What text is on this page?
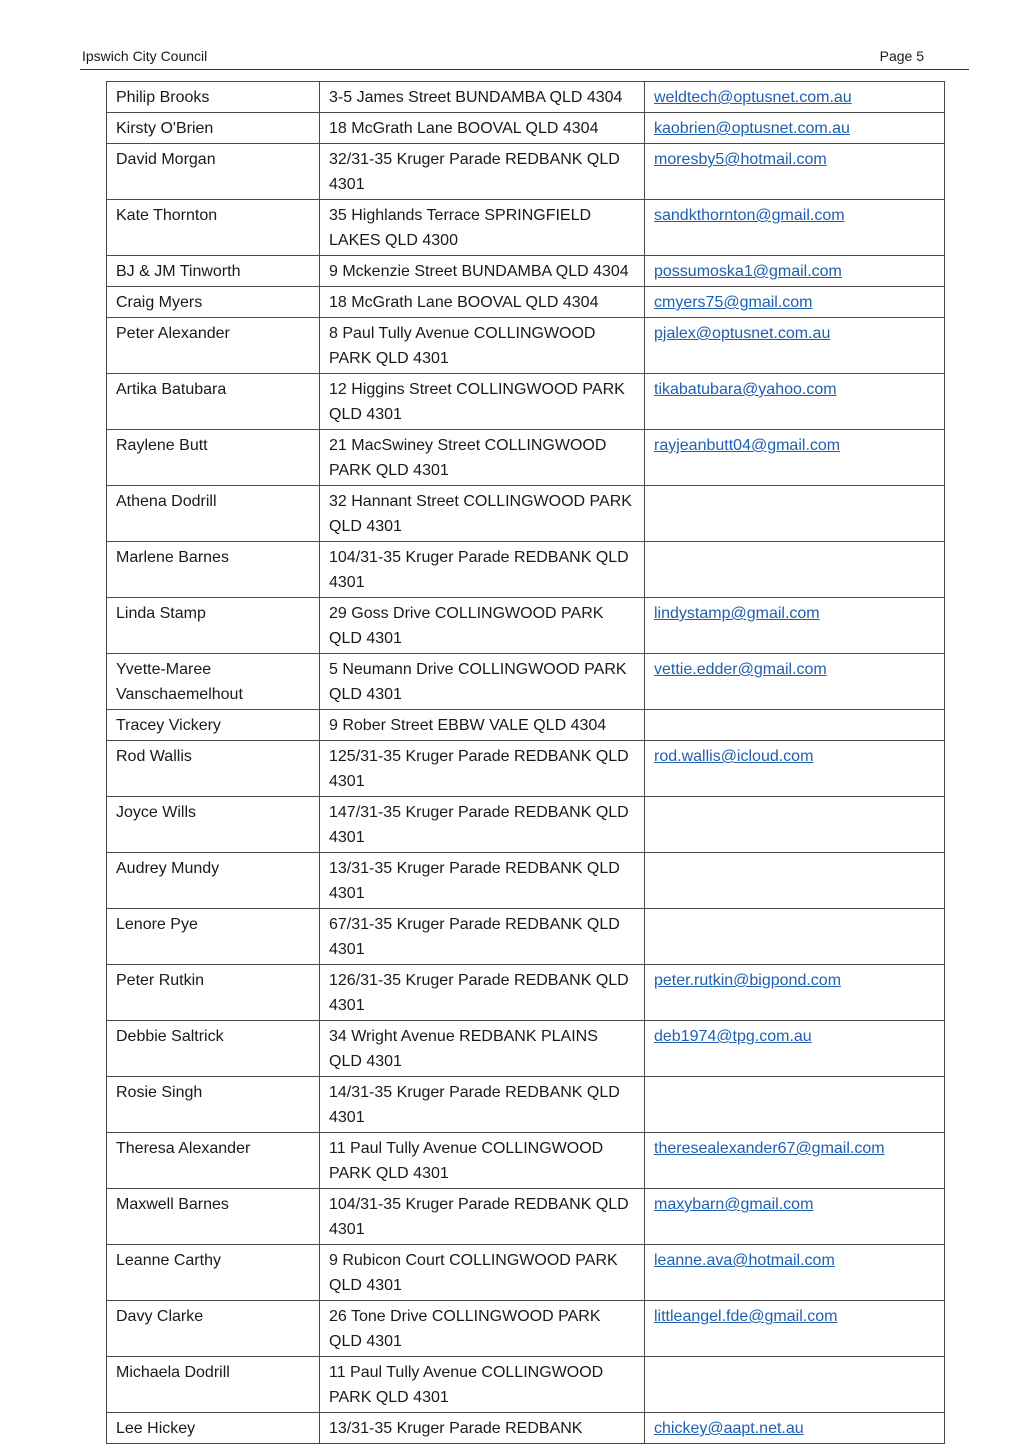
Ipswich City Council	Page 5
Philip Brooks	3-5 James Street BUNDAMBA QLD 4304	weldtech@optusnet.com.au
Kirsty O'Brien	18 McGrath Lane BOOVAL QLD 4304	kaobrien@optusnet.com.au
David Morgan	32/31-35 Kruger Parade REDBANK QLD 4301	moresby5@hotmail.com
Kate Thornton	35 Highlands Terrace SPRINGFIELD LAKES QLD 4300	sandkthornton@gmail.com
BJ & JM Tinworth	9 Mckenzie Street BUNDAMBA QLD 4304	possumoska1@gmail.com
Craig Myers	18 McGrath Lane BOOVAL QLD 4304	cmyers75@gmail.com
Peter Alexander	8 Paul Tully Avenue COLLINGWOOD PARK QLD 4301	pjalex@optusnet.com.au
Artika Batubara	12 Higgins Street COLLINGWOOD PARK QLD 4301	tikabatubara@yahoo.com
Raylene Butt	21 MacSwiney Street COLLINGWOOD PARK QLD 4301	rayjeanbutt04@gmail.com
Athena Dodrill	32 Hannant Street COLLINGWOOD PARK QLD 4301	
Marlene Barnes	104/31-35 Kruger Parade REDBANK QLD 4301	
Linda Stamp	29 Goss Drive COLLINGWOOD PARK QLD 4301	lindystamp@gmail.com
Yvette-Maree Vanschaemelhout	5 Neumann Drive COLLINGWOOD PARK QLD 4301	vettie.edder@gmail.com
Tracey Vickery	9 Rober Street EBBW VALE QLD 4304	
Rod Wallis	125/31-35 Kruger Parade REDBANK QLD 4301	rod.wallis@icloud.com
Joyce Wills	147/31-35 Kruger Parade REDBANK QLD 4301	
Audrey Mundy	13/31-35 Kruger Parade REDBANK QLD 4301	
Lenore Pye	67/31-35 Kruger Parade REDBANK QLD 4301	
Peter Rutkin	126/31-35 Kruger Parade REDBANK QLD 4301	peter.rutkin@bigpond.com
Debbie Saltrick	34 Wright Avenue REDBANK PLAINS QLD 4301	deb1974@tpg.com.au
Rosie Singh	14/31-35 Kruger Parade REDBANK QLD 4301	
Theresa Alexander	11 Paul Tully Avenue COLLINGWOOD PARK QLD 4301	theresealexander67@gmail.com
Maxwell Barnes	104/31-35 Kruger Parade REDBANK QLD 4301	maxybarn@gmail.com
Leanne Carthy	9 Rubicon Court COLLINGWOOD PARK QLD 4301	leanne.ava@hotmail.com
Davy Clarke	26 Tone Drive COLLINGWOOD PARK QLD 4301	littleangel.fde@gmail.com
Michaela Dodrill	11 Paul Tully Avenue COLLINGWOOD PARK QLD 4301	
Lee Hickey	13/31-35 Kruger Parade REDBANK	chickey@aapt.net.au
